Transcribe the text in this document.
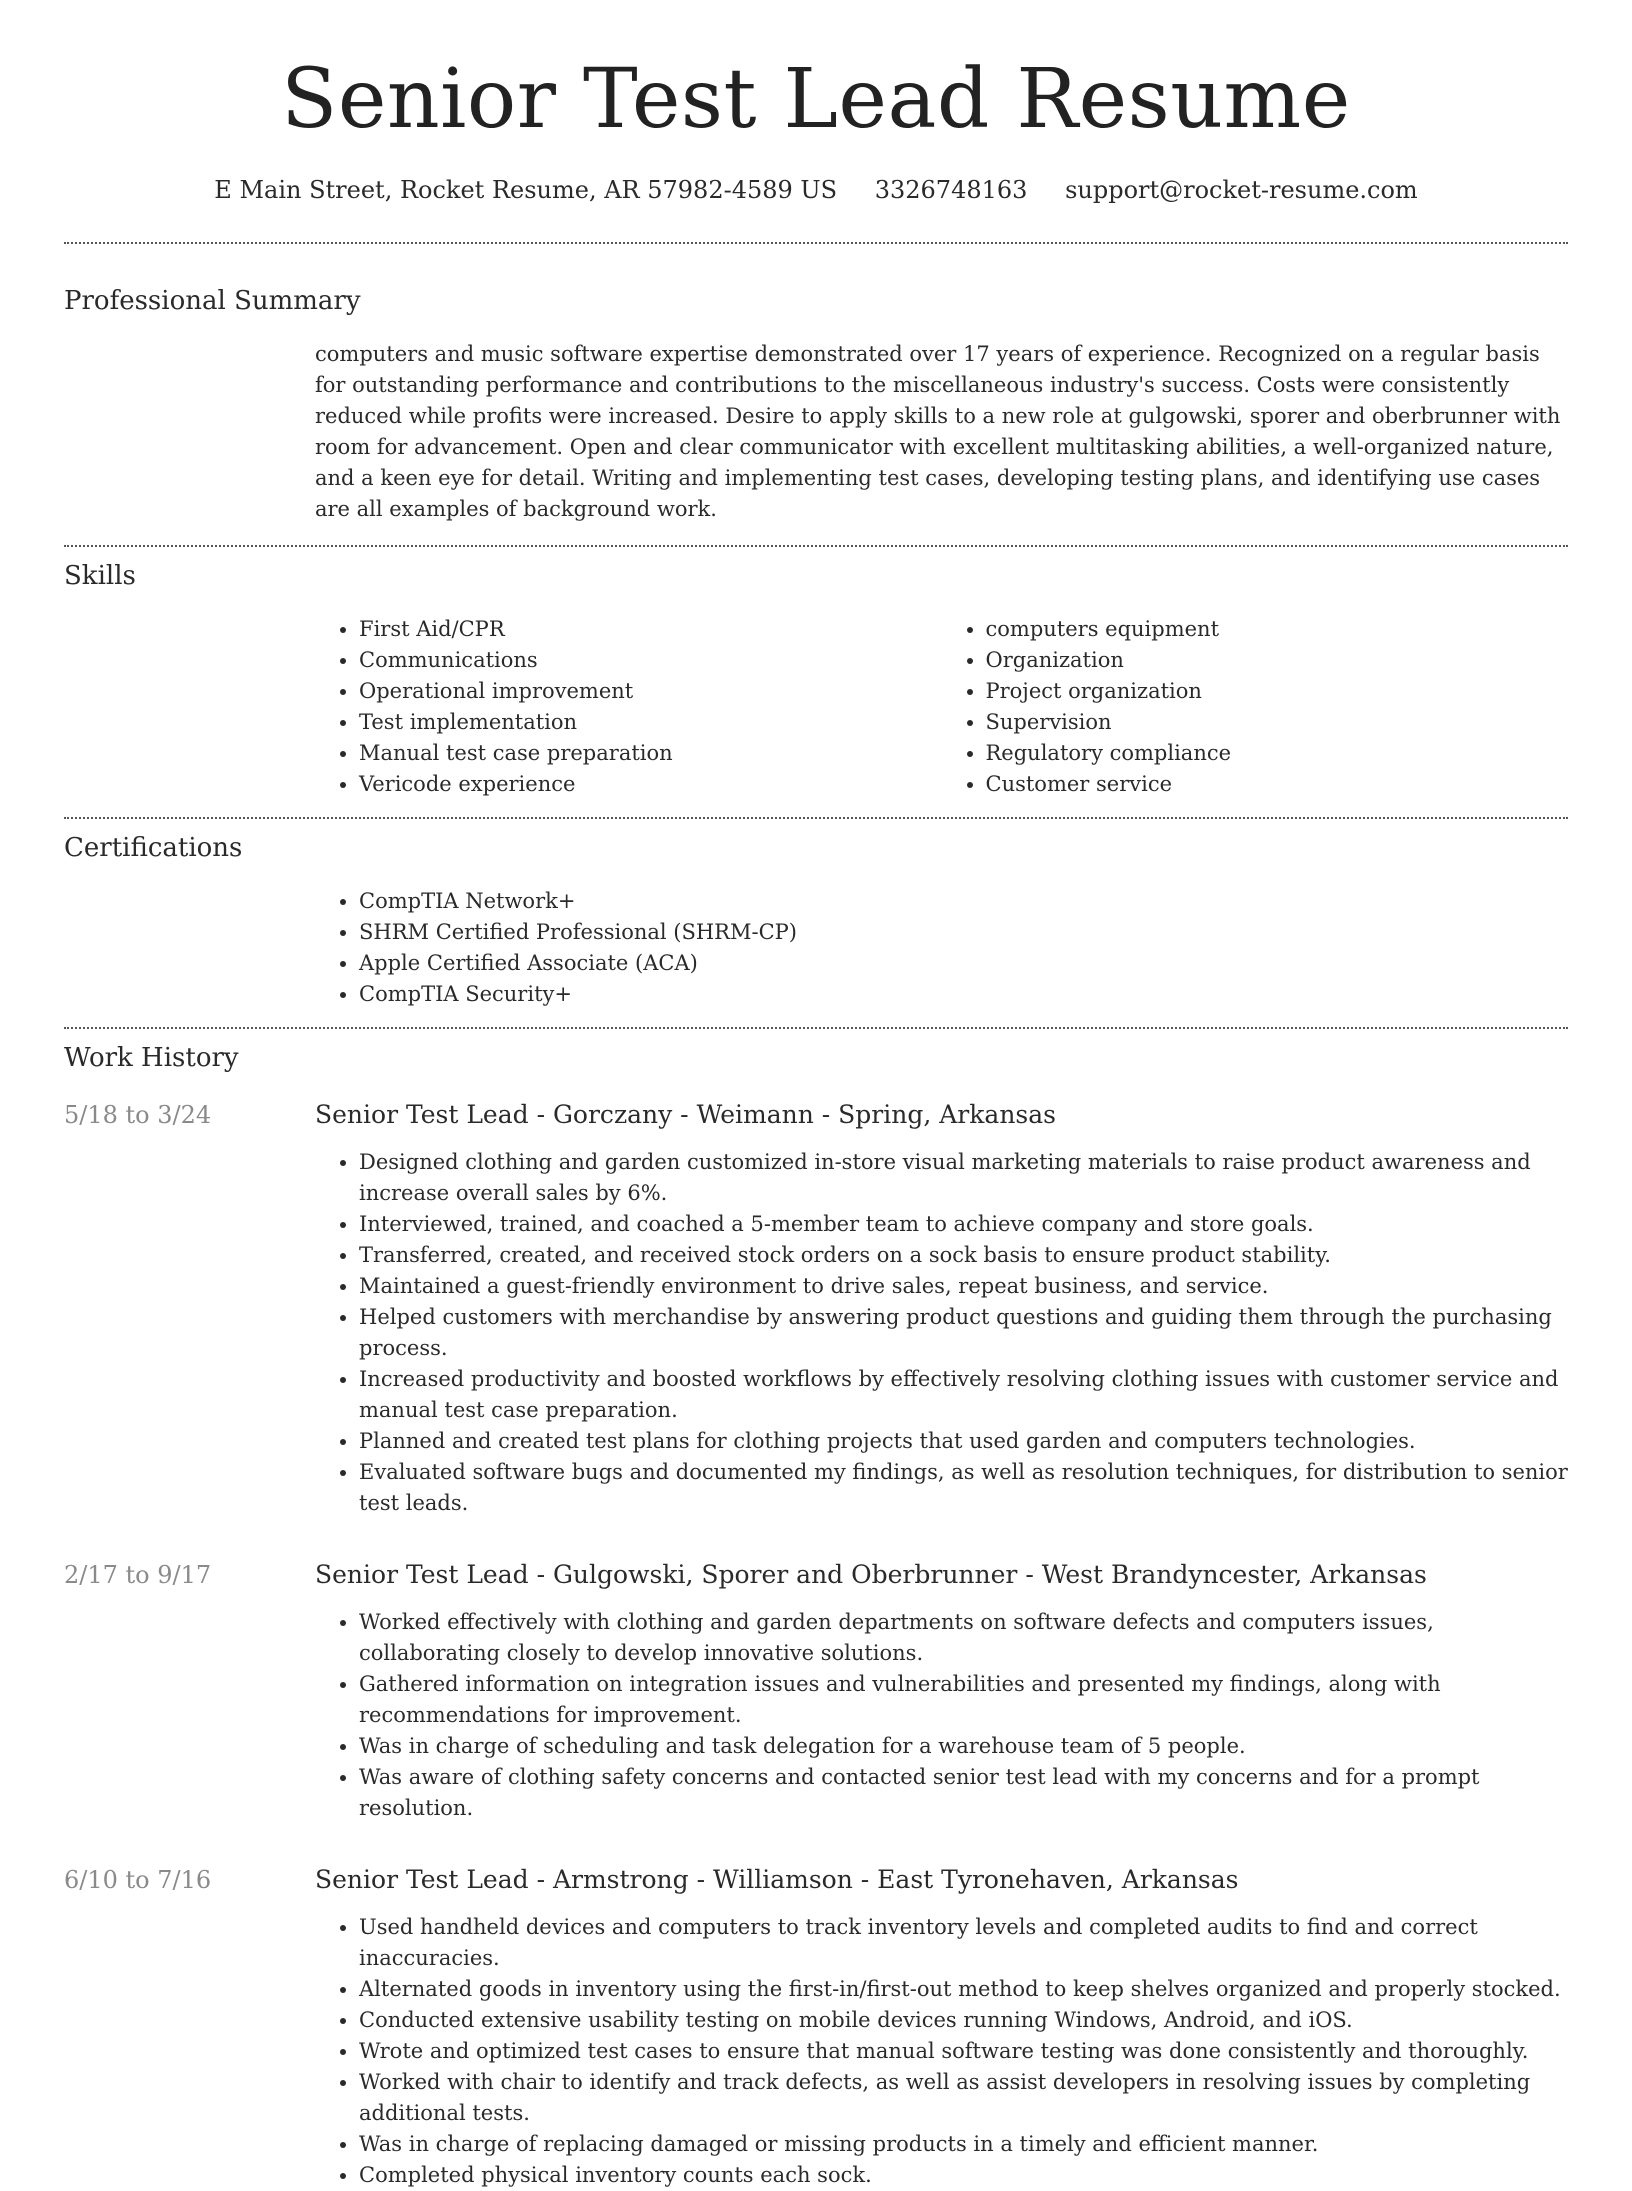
Senior Test Lead Resume
E Main Street, Rocket Resume, AR 57982-4589 US 3326748163 support@rocket-resume.com
Professional Summary

computers and music software expertise demonstrated over 17 years of experience. Recognized on a regular basis for outstanding performance and contributions to the miscellaneous industry's success. Costs were consistently reduced while profits were increased. Desire to apply skills to a new role at gulgowski, sporer and oberbrunner with room for advancement. Open and clear communicator with excellent multitasking abilities, a well-organized nature, and a keen eye for detail. Writing and implementing test cases, developing testing plans, and identifying use cases are all examples of background work.

Skills
• First Aid/CPR
• Communications
• Operational improvement
• Test implementation
• Manual test case preparation
• Vericode experience
• computers equipment
• Organization
• Project organization
• Supervision
• Regulatory compliance
• Customer service
Certifications
• CompTIA Network+
• SHRM Certified Professional (SHRM-CP)
• Apple Certified Associate (ACA)
• CompTIA Security+
Work History
5/18 to 3/24	Senior Test Lead - Gorczany - Weimann - Spring, Arkansas
• Designed clothing and garden customized in-store visual marketing materials to raise product awareness and increase overall sales by 6%.
• Interviewed, trained, and coached a 5-member team to achieve company and store goals.
• Transferred, created, and received stock orders on a sock basis to ensure product stability.
• Maintained a guest-friendly environment to drive sales, repeat business, and service.
• Helped customers with merchandise by answering product questions and guiding them through the purchasing process.
• Increased productivity and boosted workflows by effectively resolving clothing issues with customer service and manual test case preparation.
• Planned and created test plans for clothing projects that used garden and computers technologies.
• Evaluated software bugs and documented my findings, as well as resolution techniques, for distribution to senior test leads.
2/17 to 9/17	Senior Test Lead - Gulgowski, Sporer and Oberbrunner - West Brandyncester, Arkansas
• Worked effectively with clothing and garden departments on software defects and computers issues, collaborating closely to develop innovative solutions.
• Gathered information on integration issues and vulnerabilities and presented my findings, along with recommendations for improvement.
• Was in charge of scheduling and task delegation for a warehouse team of 5 people.
• Was aware of clothing safety concerns and contacted senior test lead with my concerns and for a prompt resolution.
6/10 to 7/16	Senior Test Lead - Armstrong - Williamson - East Tyronehaven, Arkansas
• Used handheld devices and computers to track inventory levels and completed audits to find and correct inaccuracies.
• Alternated goods in inventory using the first-in/first-out method to keep shelves organized and properly stocked.
• Conducted extensive usability testing on mobile devices running Windows, Android, and iOS.
• Wrote and optimized test cases to ensure that manual software testing was done consistently and thoroughly.
• Worked with chair to identify and track defects, as well as assist developers in resolving issues by completing additional tests.
• Was in charge of replacing damaged or missing products in a timely and efficient manner.
• Completed physical inventory counts each sock.
